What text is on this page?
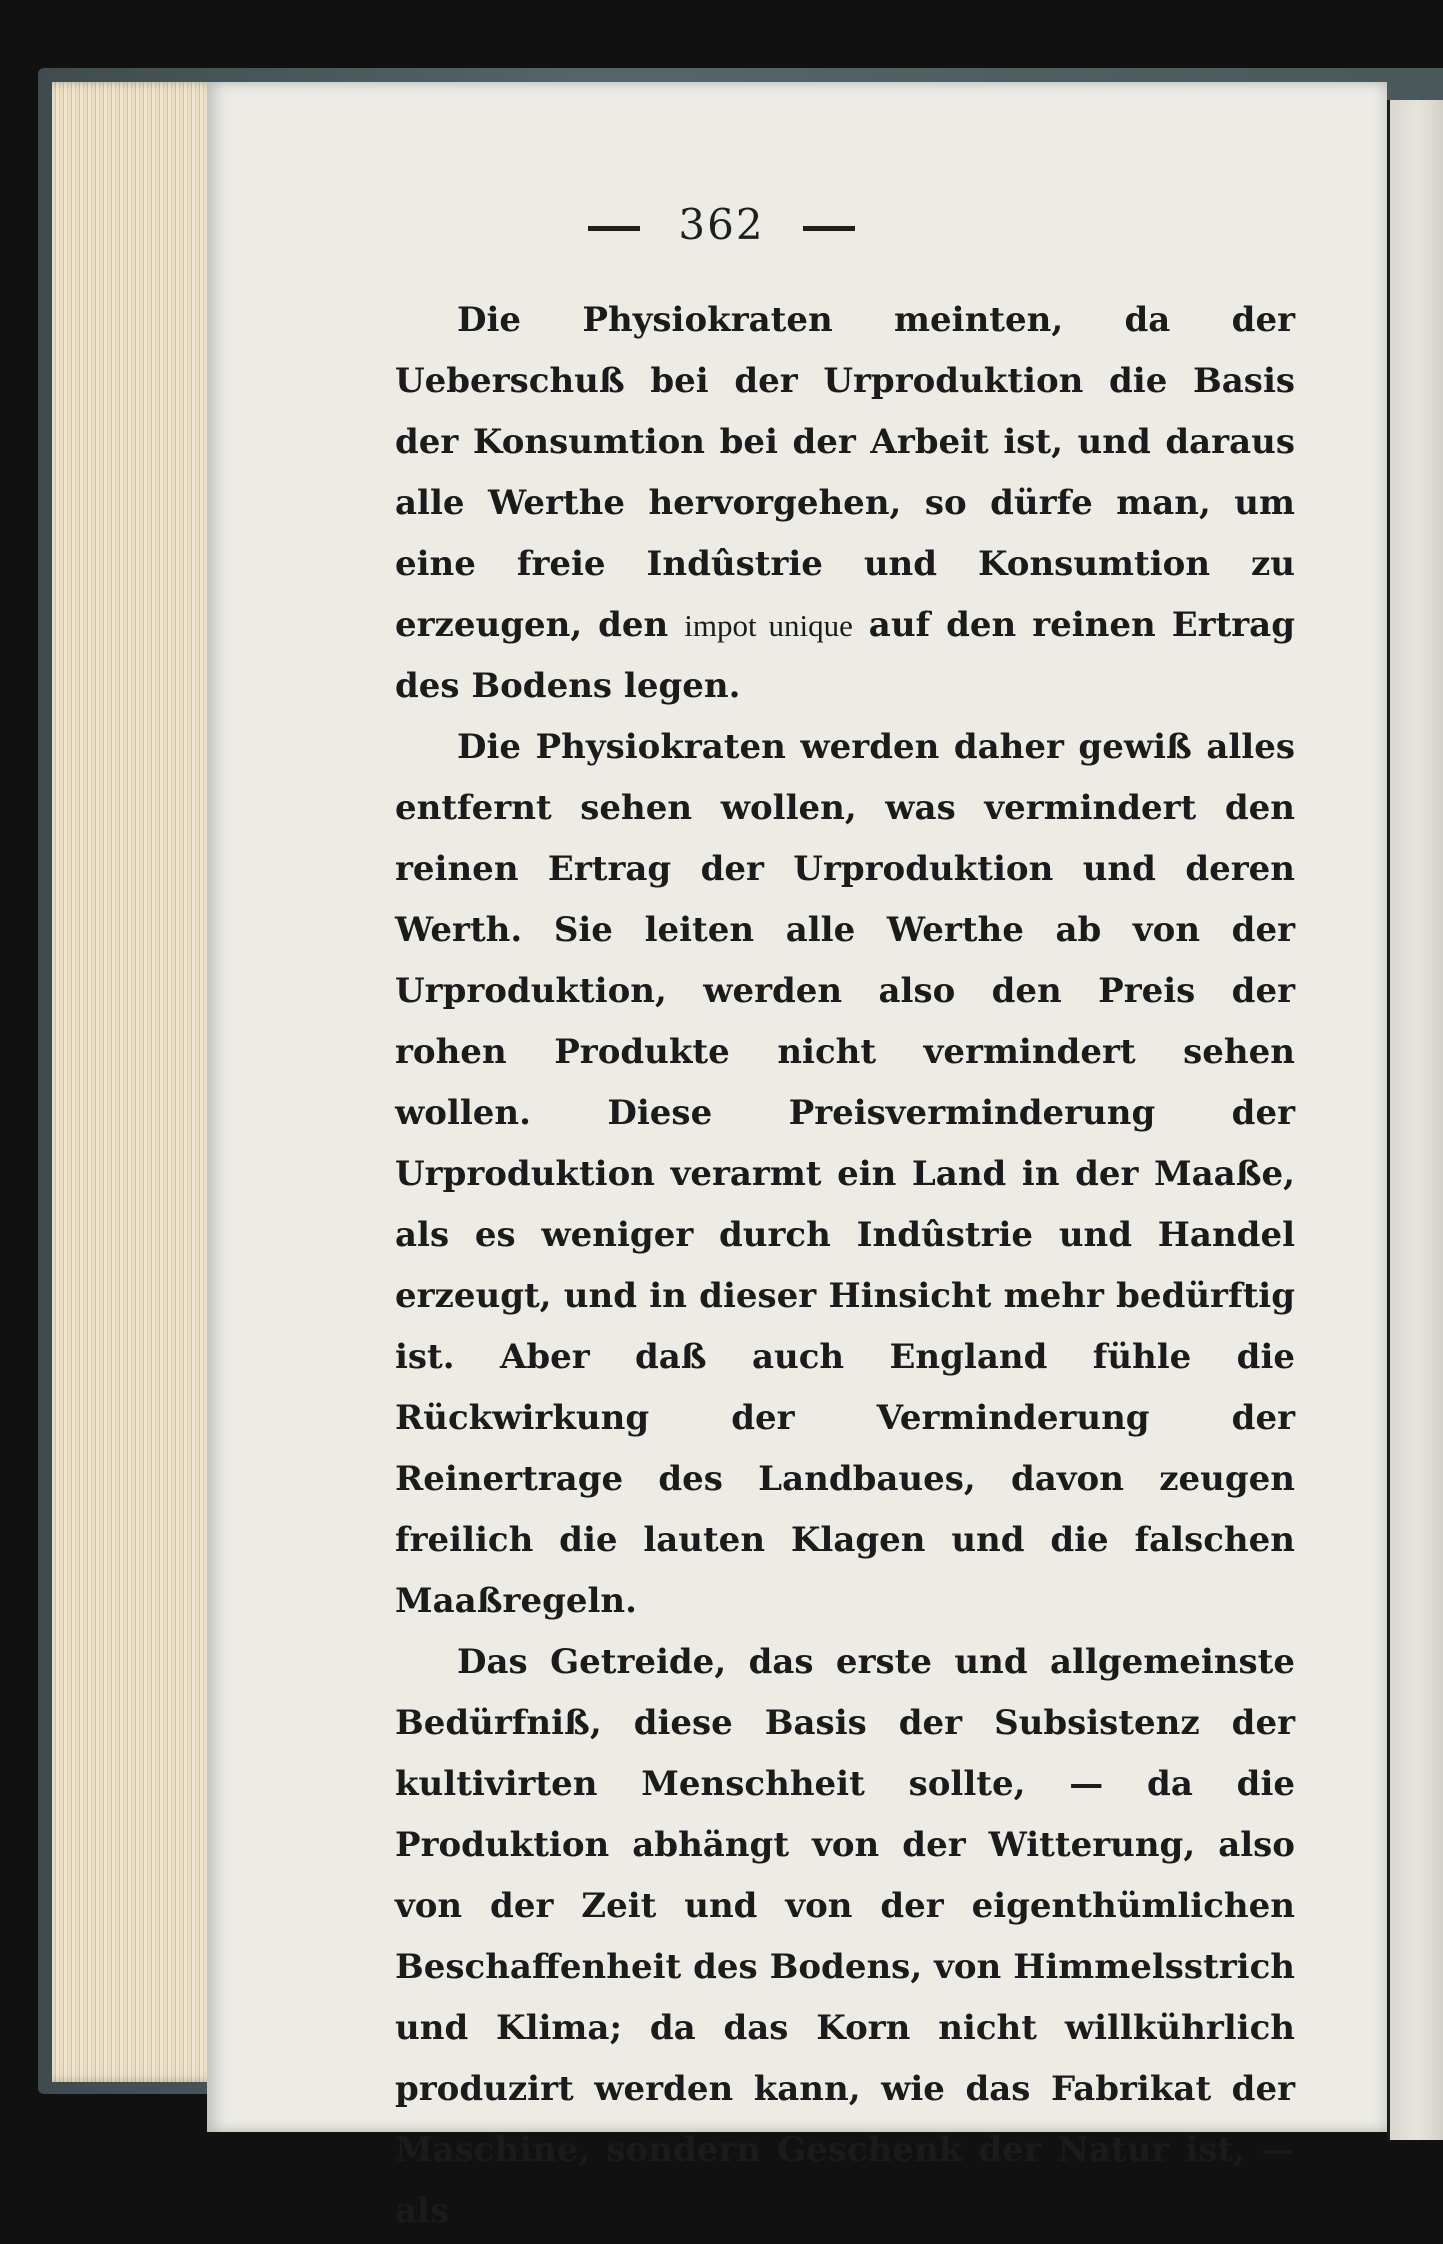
362

Die Physiokraten meinten, da der Ueberschuß bei der Urproduktion die Basis der Konsumtion bei der Arbeit ist, und daraus alle Werthe hervorgehen, so dürfe man, um eine freie Indûstrie und Konsumtion zu erzeugen, den impot unique auf den reinen Ertrag des Bodens legen.

Die Physiokraten werden daher gewiß alles entfernt sehen wollen, was vermindert den reinen Ertrag der Urproduktion und deren Werth. Sie leiten alle Werthe ab von der Urproduktion, werden also den Preis der rohen Produkte nicht vermindert sehen wollen. Diese Preisverminderung der Urproduktion verarmt ein Land in der Maaße, als es weniger durch Indûstrie und Handel erzeugt, und in dieser Hinsicht mehr bedürftig ist. Aber daß auch England fühle die Rückwirkung der Verminderung der Reinertrage des Landbaues, davon zeugen freilich die lauten Klagen und die falschen Maaßregeln.

Das Getreide, das erste und allgemeinste Bedürfniß, diese Basis der Subsistenz der kultivirten Menschheit sollte, — da die Produktion abhängt von der Witterung, also von der Zeit und von der eigenthümlichen Beschaffenheit des Bodens, von Himmelsstrich und Klima; da das Korn nicht willkührlich produzirt werden kann, wie das Fabrikat der Maschine, sondern Geschenk der Natur ist, — als
